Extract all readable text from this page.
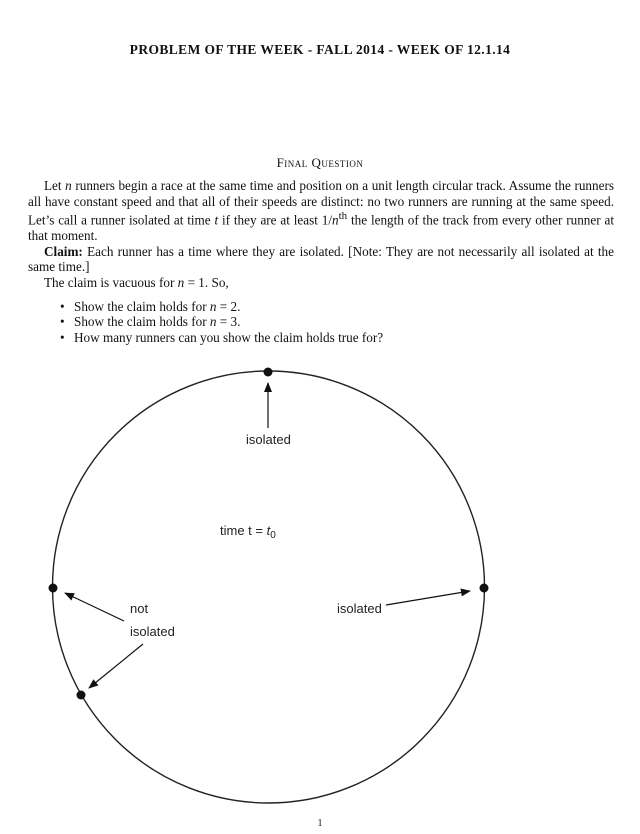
PROBLEM OF THE WEEK - FALL 2014 - WEEK OF 12.1.14
Final Question

Let n runners begin a race at the same time and position on a unit length circular track. Assume the runners all have constant speed and that all of their speeds are distinct: no two runners are running at the same speed. Let’s call a runner isolated at time t if they are at least $1/n^{th}$ the length of the track from every other runner at that moment.

Claim: Each runner has a time where they are isolated. [Note: They are not necessarily all isolated at the same time.]

The claim is vacuous for n = 1. So,

• Show the claim holds for n = 2.
• Show the claim holds for n = 3.
• How many runners can you show the claim holds true for?
isolated
isolated
not
isolated
time $t = t_0$
1
